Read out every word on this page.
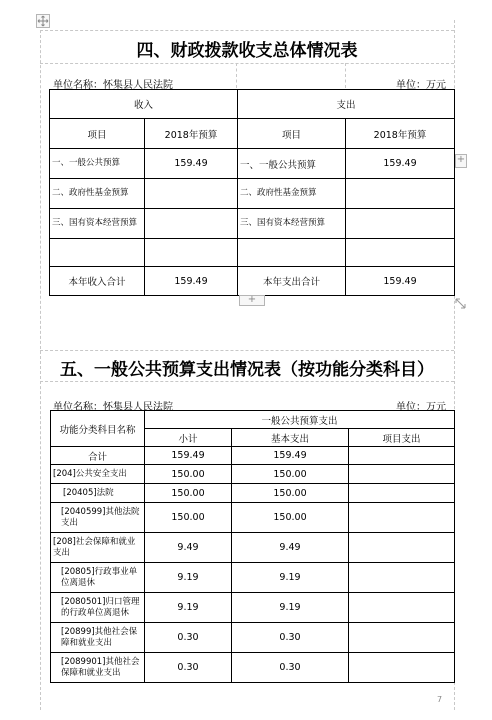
四、财政拨款收支总体情况表
单位名称：怀集县人民法院	单位：万元
收入		支出	
项目	2018年预算	项目	2018年预算
一、一般公共预算	159.49	一、一般公共预算	159.49
二、政府性基金预算		二、政府性基金预算	
三、国有资本经营预算		三、国有资本经营预算	

本年收入合计	159.49	本年支出合计	159.49
+
+
五、一般公共预算支出情况表（按功能分类科目）
单位名称：怀集县人民法院	单位：万元
功能分类科目名称	一般公共预算支出		
	小计	基本支出	项目支出
合计	159.49	159.49	
[204]公共安全支出	150.00	150.00	
[20405]法院	150.00	150.00	
[2040599]其他法院支出	150.00	150.00	
[208]社会保障和就业支出	9.49	9.49	
[20805]行政事业单位离退休	9.19	9.19	
[2080501]归口管理的行政单位离退休	9.19	9.19	
[20899]其他社会保障和就业支出	0.30	0.30	
[2089901]其他社会保障和就业支出	0.30	0.30	
7
